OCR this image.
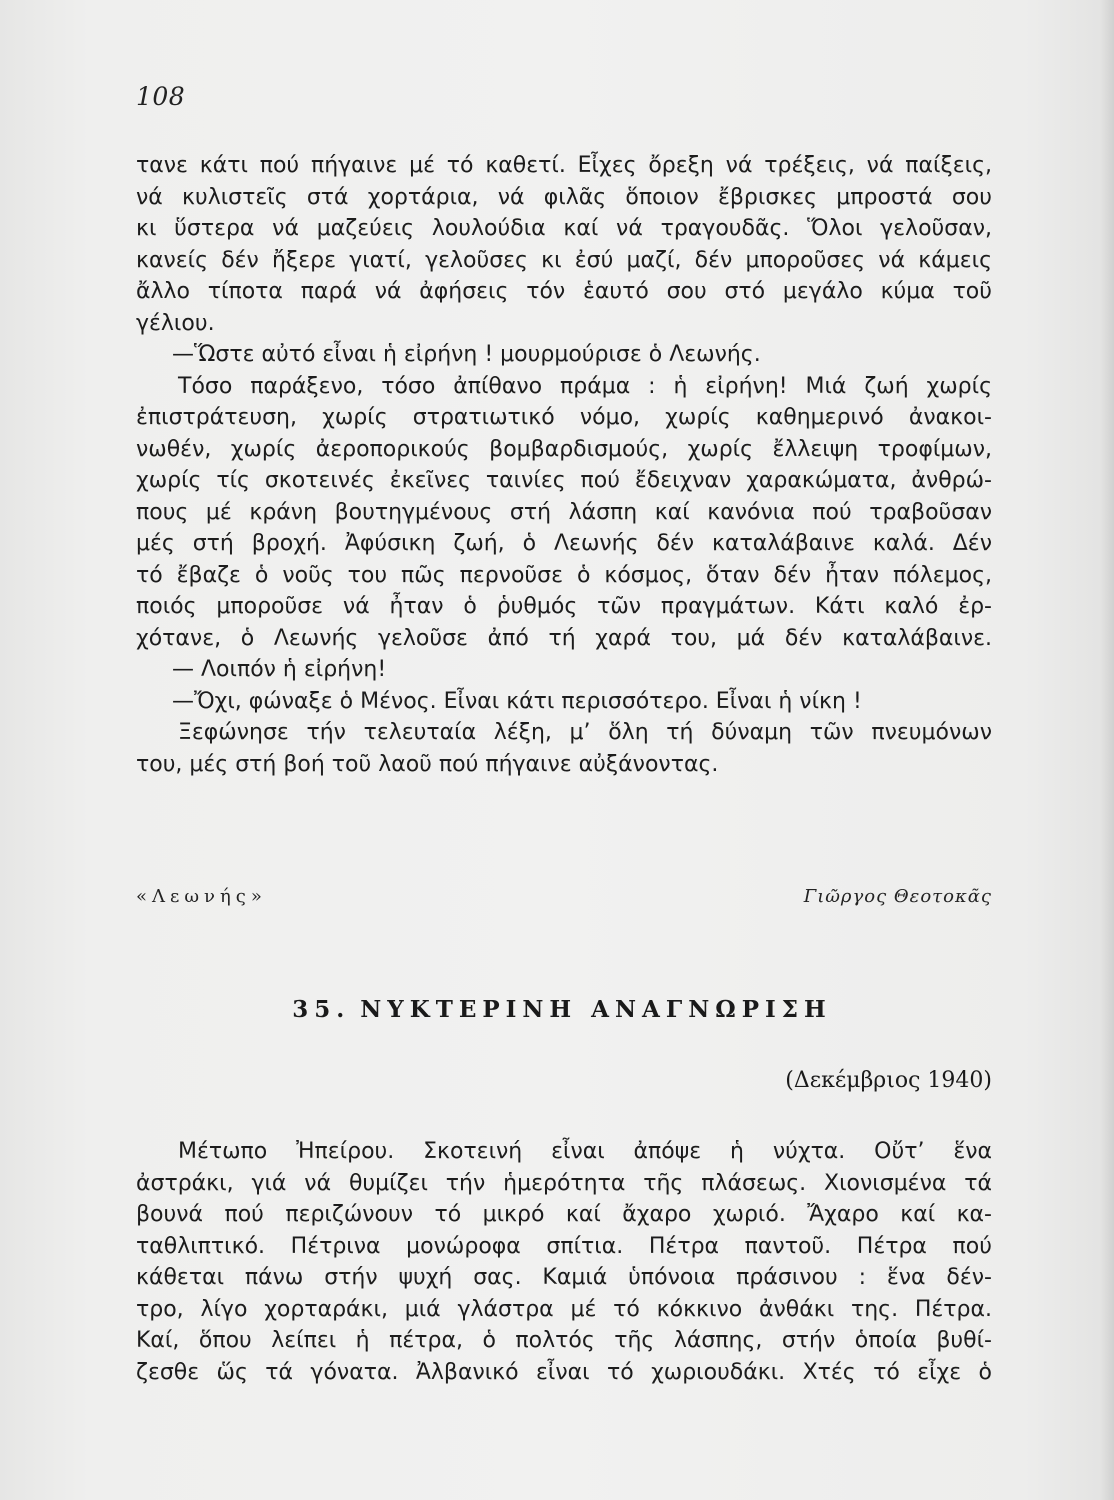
108
τανε κάτι πού πήγαινε μέ τό καθετί. Εἶχες ὄρεξη νά τρέξεις, νά παίξεις,
νά κυλιστεῖς στά χορτάρια, νά φιλᾶς ὅποιον ἔβρισκες μπροστά σου
κι ὕστερα νά μαζεύεις λουλούδια καί νά τραγουδᾶς. Ὅλοι γελοῦσαν,
κανείς δέν ἤξερε γιατί, γελοῦσες κι ἐσύ μαζί, δέν μποροῦσες νά κάμεις
ἄλλο τίποτα παρά νά ἀφήσεις τόν ἑαυτό σου στό μεγάλο κύμα τοῦ
γέλιου.
—Ὥστε αὐτό εἶναι ἡ εἰρήνη ! μουρμούρισε ὁ Λεωνής.
Τόσο παράξενο, τόσο ἀπίθανο πράμα : ἡ εἰρήνη! Μιά ζωή χωρίς
ἐπιστράτευση, χωρίς στρατιωτικό νόμο, χωρίς καθημερινό ἀνακοι-
νωθέν, χωρίς ἀεροπορικούς βομβαρδισμούς, χωρίς ἔλλειψη τροφίμων,
χωρίς τίς σκοτεινές ἐκεῖνες ταινίες πού ἔδειχναν χαρακώματα, ἀνθρώ-
πους μέ κράνη βουτηγμένους στή λάσπη καί κανόνια πού τραβοῦσαν
μές στή βροχή. Ἀφύσικη ζωή, ὁ Λεωνής δέν καταλάβαινε καλά. Δέν
τό ἔβαζε ὁ νοῦς του πῶς περνοῦσε ὁ κόσμος, ὅταν δέν ἦταν πόλεμος,
ποιός μποροῦσε νά ἦταν ὁ ῥυθμός τῶν πραγμάτων. Κάτι καλό ἐρ-
χότανε, ὁ Λεωνής γελοῦσε ἀπό τή χαρά του, μά δέν καταλάβαινε.
— Λοιπόν ἡ εἰρήνη!
—Ὄχι, φώναξε ὁ Μένος. Εἶναι κάτι περισσότερο. Εἶναι ἡ νίκη !
Ξεφώνησε τήν τελευταία λέξη, μ’ ὅλη τή δύναμη τῶν πνευμόνων
του, μές στή βοή τοῦ λαοῦ πού πήγαινε αὐξάνοντας.
«Λεωνής»	Γιῶργος Θεοτοκᾶς
35. ΝΥΚΤΕΡΙΝΗ ΑΝΑΓΝΩΡΙΣΗ
(Δεκέμβριος 1940)
Μέτωπο Ἠπείρου. Σκοτεινή εἶναι ἀπόψε ἡ νύχτα. Οὔτ’ ἕνα
ἀστράκι, γιά νά θυμίζει τήν ἡμερότητα τῆς πλάσεως. Χιονισμένα τά
βουνά πού περιζώνουν τό μικρό καί ἄχαρο χωριό. Ἄχαρο καί κα-
ταθλιπτικό. Πέτρινα μονώροφα σπίτια. Πέτρα παντοῦ. Πέτρα πού
κάθεται πάνω στήν ψυχή σας. Καμιά ὑπόνοια πράσινου : ἕνα δέν-
τρο, λίγο χορταράκι, μιά γλάστρα μέ τό κόκκινο ἀνθάκι της. Πέτρα.
Καί, ὅπου λείπει ἡ πέτρα, ὁ πολτός τῆς λάσπης, στήν ὁποία βυθί-
ζεσθε ὥς τά γόνατα. Ἀλβανικό εἶναι τό χωριουδάκι. Χτές τό εἶχε ὁ
